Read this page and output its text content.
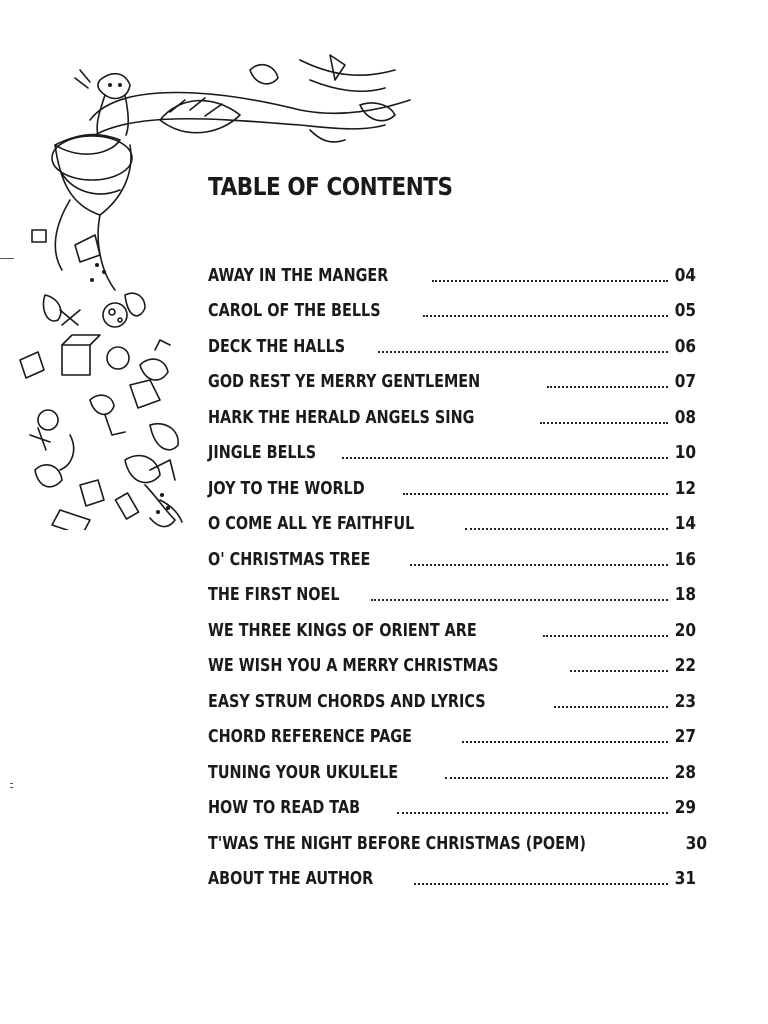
TABLE OF CONTENTS
AWAY IN THE MANGER	04
CAROL OF THE BELLS	05
DECK THE HALLS	06
GOD REST YE MERRY GENTLEMEN	07
HARK THE HERALD ANGELS SING	08
JINGLE BELLS	10
JOY TO THE WORLD	12
O COME ALL YE FAITHFUL	14
O' CHRISTMAS TREE	16
THE FIRST NOEL	18
WE THREE KINGS OF ORIENT ARE	20
WE WISH YOU A MERRY CHRISTMAS	22
EASY STRUM CHORDS AND LYRICS	23
CHORD REFERENCE PAGE	27
TUNING YOUR UKULELE	28
HOW TO READ TAB	29
T'WAS THE NIGHT BEFORE CHRISTMAS (POEM)	30
ABOUT THE AUTHOR	31
